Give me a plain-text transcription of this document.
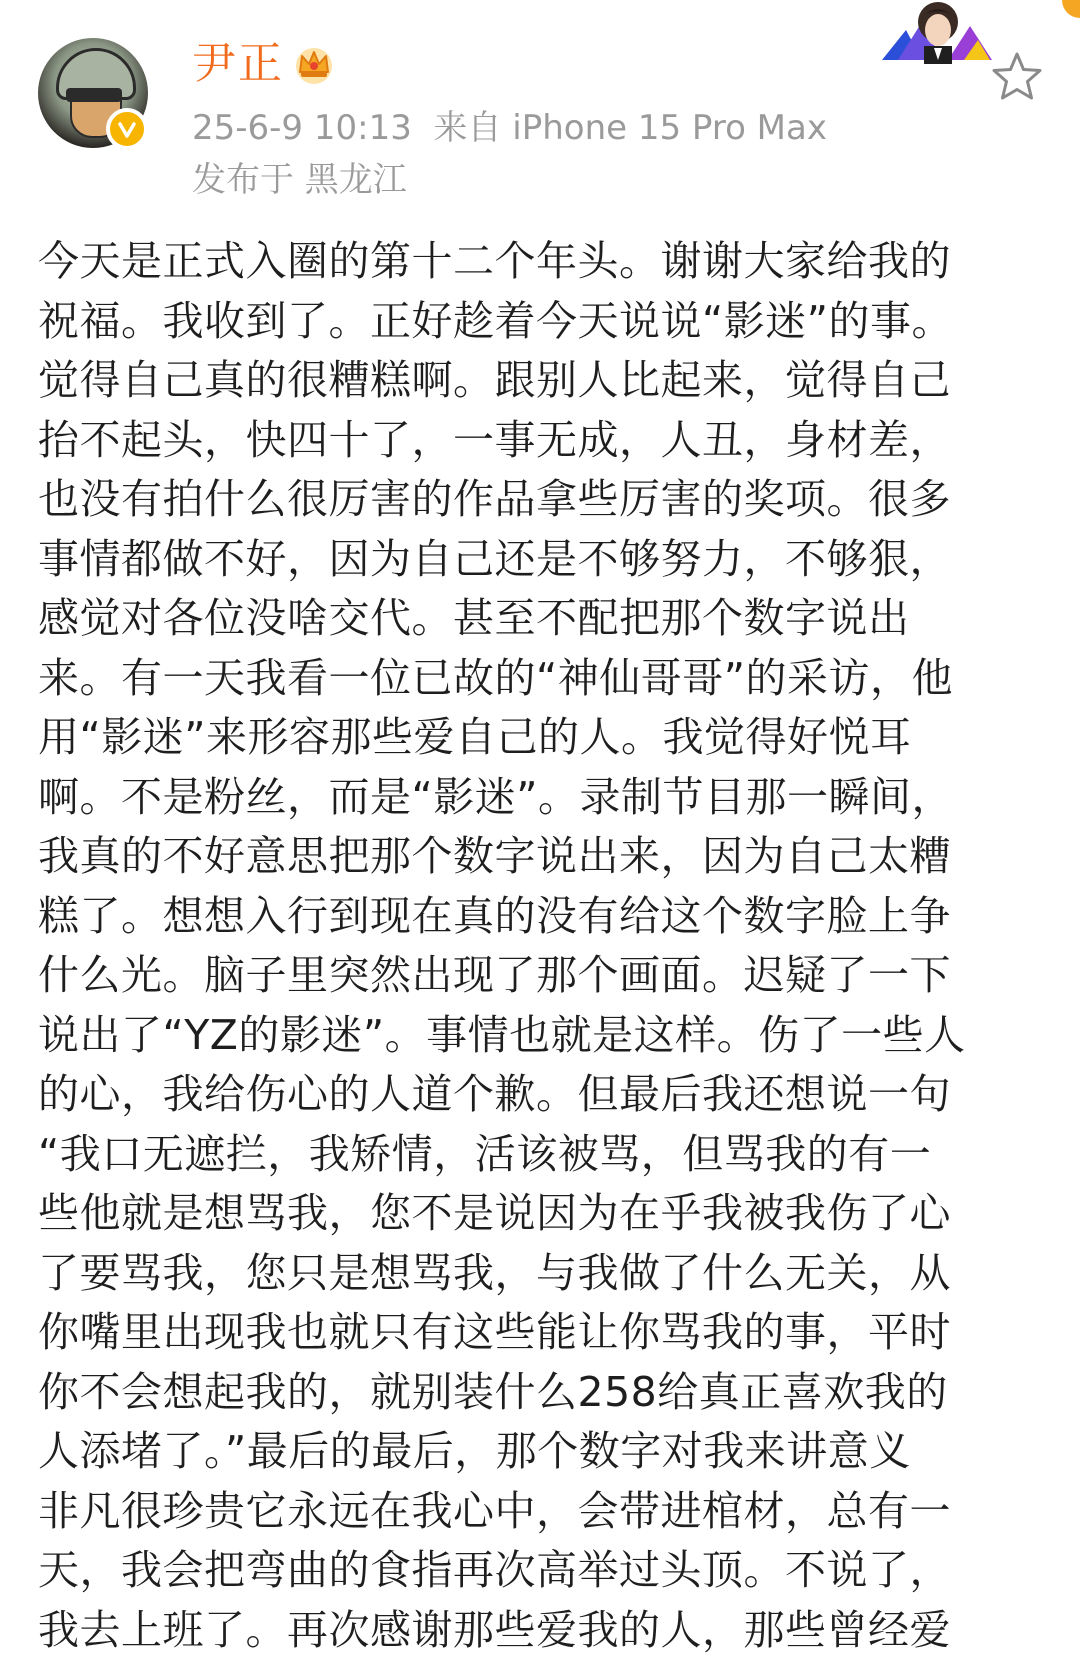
尹正
25-6-9 10:13 来自 iPhone 15 Pro Max
发布于 黑龙江
今天是正式入圈的第十二个年头。谢谢大家给我的
祝福。我收到了。正好趁着今天说说“影迷”的事。
觉得自己真的很糟糕啊。跟别人比起来，觉得自己
抬不起头，快四十了，一事无成，人丑，身材差，
也没有拍什么很厉害的作品拿些厉害的奖项。很多
事情都做不好，因为自己还是不够努力，不够狠，
感觉对各位没啥交代。甚至不配把那个数字说出
来。有一天我看一位已故的“神仙哥哥”的采访，他
用“影迷”来形容那些爱自己的人。我觉得好悦耳
啊。不是粉丝，而是“影迷”。录制节目那一瞬间，
我真的不好意思把那个数字说出来，因为自己太糟
糕了。想想入行到现在真的没有给这个数字脸上争
什么光。脑子里突然出现了那个画面。迟疑了一下
说出了“YZ的影迷”。事情也就是这样。伤了一些人
的心，我给伤心的人道个歉。但最后我还想说一句
“我口无遮拦，我矫情，活该被骂，但骂我的有一
些他就是想骂我，您不是说因为在乎我被我伤了心
了要骂我，您只是想骂我，与我做了什么无关，从
你嘴里出现我也就只有这些能让你骂我的事，平时
你不会想起我的，就别装什么258给真正喜欢我的
人添堵了。”最后的最后，那个数字对我来讲意义
非凡很珍贵它永远在我心中，会带进棺材，总有一
天，我会把弯曲的食指再次高举过头顶。不说了，
我去上班了。再次感谢那些爱我的人，那些曾经爱
